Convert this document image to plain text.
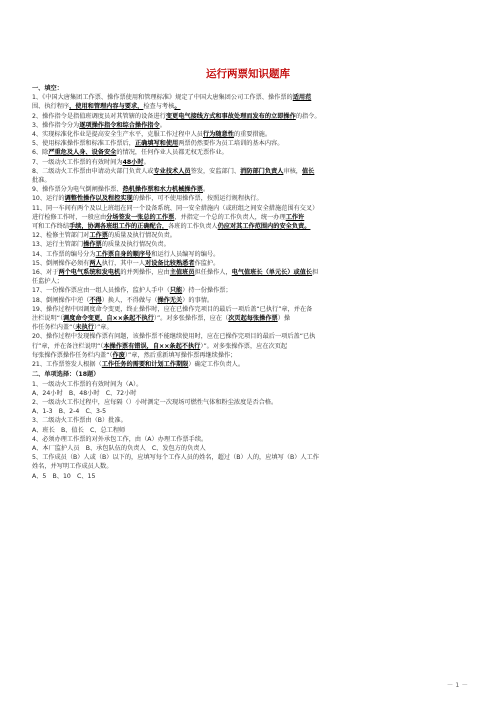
运行两票知识题库
一、填空：
1、《中国大唐集团工作票、操作票使用和管理标准》规定了中国大唐集团公司工作票、操作票的适用范
围、执行程序，使用和管理内容与要求，检查与考核。
2、操作指令是指值班调度员对其管辖的设备进行变更电气接线方式和事故处理而发布的立即操作的指令。
3、操作指令分为逐项操作指令和综合操作指令。
4、实现标准化作业是提高安全生产水平，克服工作过程中人员行为随意性的重要措施。
5、使用标准操作票和标准工作票后，正确填写和使用两票仍然要作为员工培训的基本内容。
6、除严重危及人身、设备安全的情况，任何作业人员都无权无票作业。
7、一级动火工作票的有效时间为48小时。
8、二级动火工作票由申请动火部门负责人或专业技术人员签发，安监部门、消防部门负责人审核，值长
批准。
9、操作票分为电气倒闸操作票、热机操作票和水力机械操作票。
10、运行的调整性操作以及程控实现的操作，可不使用操作票，按照运行规程执行。
11、同一车间有两个及以上班组在同一个设备系统、同一安全措施内（或班组之间安全措施范围有交叉）
进行检修工作时，一般应由分场签发一张总的工作票，并指定一个总的工作负责人，统一办理工作许
可和工作终结手续，协调各班组工作的正确配合，各班的工作负责人仍应对其工作范围内的安全负责。
12、检修主管部门对工作票的质量及执行情况负责。
13、运行主管部门操作票的质量及执行情况负责。
14、工作票的编号分为工作票自身的顺序号和运行人员编写的编号。
15、倒闸操作必须有两人执行，其中一人对设备比较熟悉者作监护。
16、对于两个电气系统和发电机的并列操作，应由主值班员担任操作人，电气值班长（单元长）或值长担
任监护人；
17、一份操作票应由一组人员操作，监护人手中（只能）持一份操作票；
18、倒闸操作中逆（不得）换人，不得做与（操作无关）的事情。
19、操作过程中因调度命令变更，终止操作时，应在已操作完项目的最后一项后盖“已执行”章，并在备
注栏说明“（调度命令变更，自××条起不执行）”。对多张操作票，应在（次页起每张操作票）操
作任务栏内盖“（未执行）”章。
20、操作过程中发现操作票有问题，该操作票不能继续使用时，应在已操作完项目的最后一项后盖“已执
行”章，并在备注栏说明“（本操作票有错误，自××条起不执行）”。对多张操作票，应在次页起
每张操作票操作任务栏内盖“（作废）”章，然后重新填写操作票再继续操作；
21、工作票签发人根据（工作任务的需要和计划工作期限）确定工作负责人。
二、单项选择：（18题）
1、一级动火工作票的有效时间为（A）。
A、24小时　B、48小时　C、72小时
2、一级动火工作过程中，应每隔（）小时测定一次现场可燃性气体和粉尘浓度是否合格。
A、1-3　B、2-4　C、3-5
3、二级动火工作票由（B）批准。
A、班长　B、值长　C、总工程师
4、必须办理工作票的对外承包工作，由（A）办理工作票手续。
A、本厂监护人员　B、承包队伍的负责人　C、发包方的负责人
5、工作成员（B）人或（B）以下的，应填写每个工作人员的姓名，超过（B）人的，应填写（B）人工作
姓名，并写明工作成员人数。
A、5　B、10　C、15
－ 1 －
